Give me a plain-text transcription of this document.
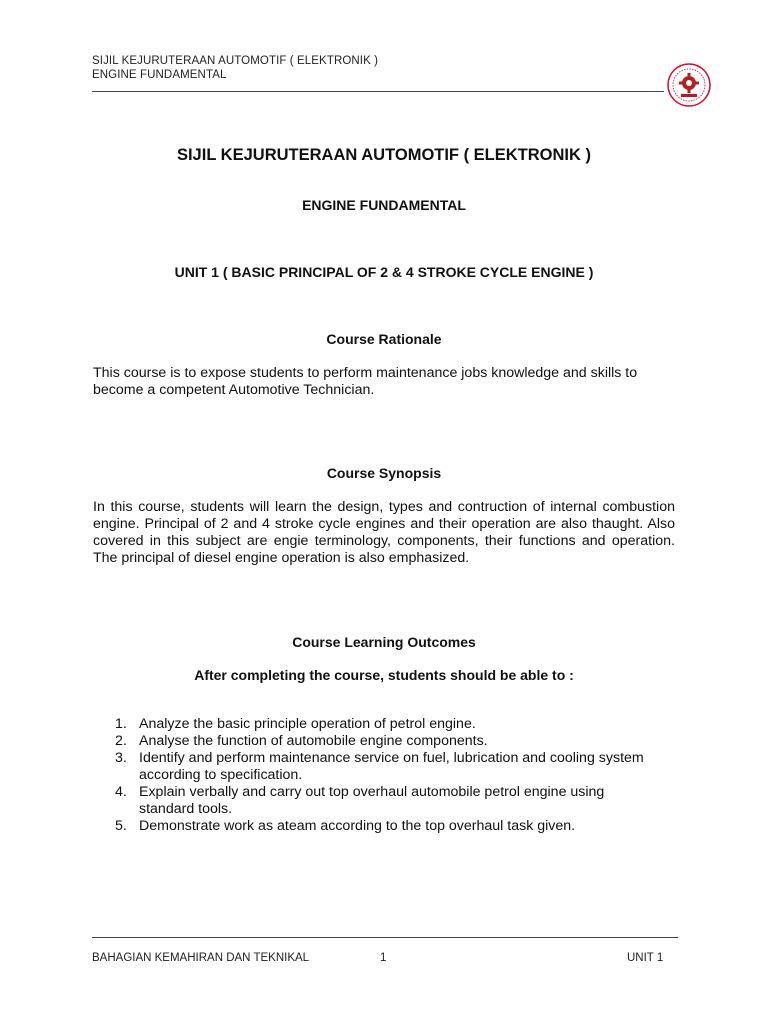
SIJIL KEJURUTERAAN AUTOMOTIF ( ELEKTRONIK )
ENGINE FUNDAMENTAL
SIJIL KEJURUTERAAN AUTOMOTIF ( ELEKTRONIK )
ENGINE FUNDAMENTAL
UNIT 1 ( BASIC PRINCIPAL OF 2 & 4 STROKE CYCLE ENGINE )
Course Rationale
This course is to expose students to perform maintenance jobs knowledge and skills to become a competent Automotive Technician.
Course Synopsis
In this course, students will learn the design, types and contruction of internal combustion engine. Principal of 2 and 4 stroke cycle engines and their operation are also thaught. Also covered in this subject are engie terminology, components, their functions and operation. The principal of diesel engine operation is also emphasized.
Course Learning Outcomes
After completing the course, students should be able to :
1. Analyze the basic principle operation of petrol engine.
2. Analyse the function of automobile engine components.
3. Identify and perform maintenance service on fuel, lubrication and cooling system according to specification.
4. Explain verbally and carry out top overhaul automobile petrol engine using standard tools.
5. Demonstrate work as ateam according to the top overhaul task given.
BAHAGIAN KEMAHIRAN DAN TEKNIKAL	1	UNIT 1
